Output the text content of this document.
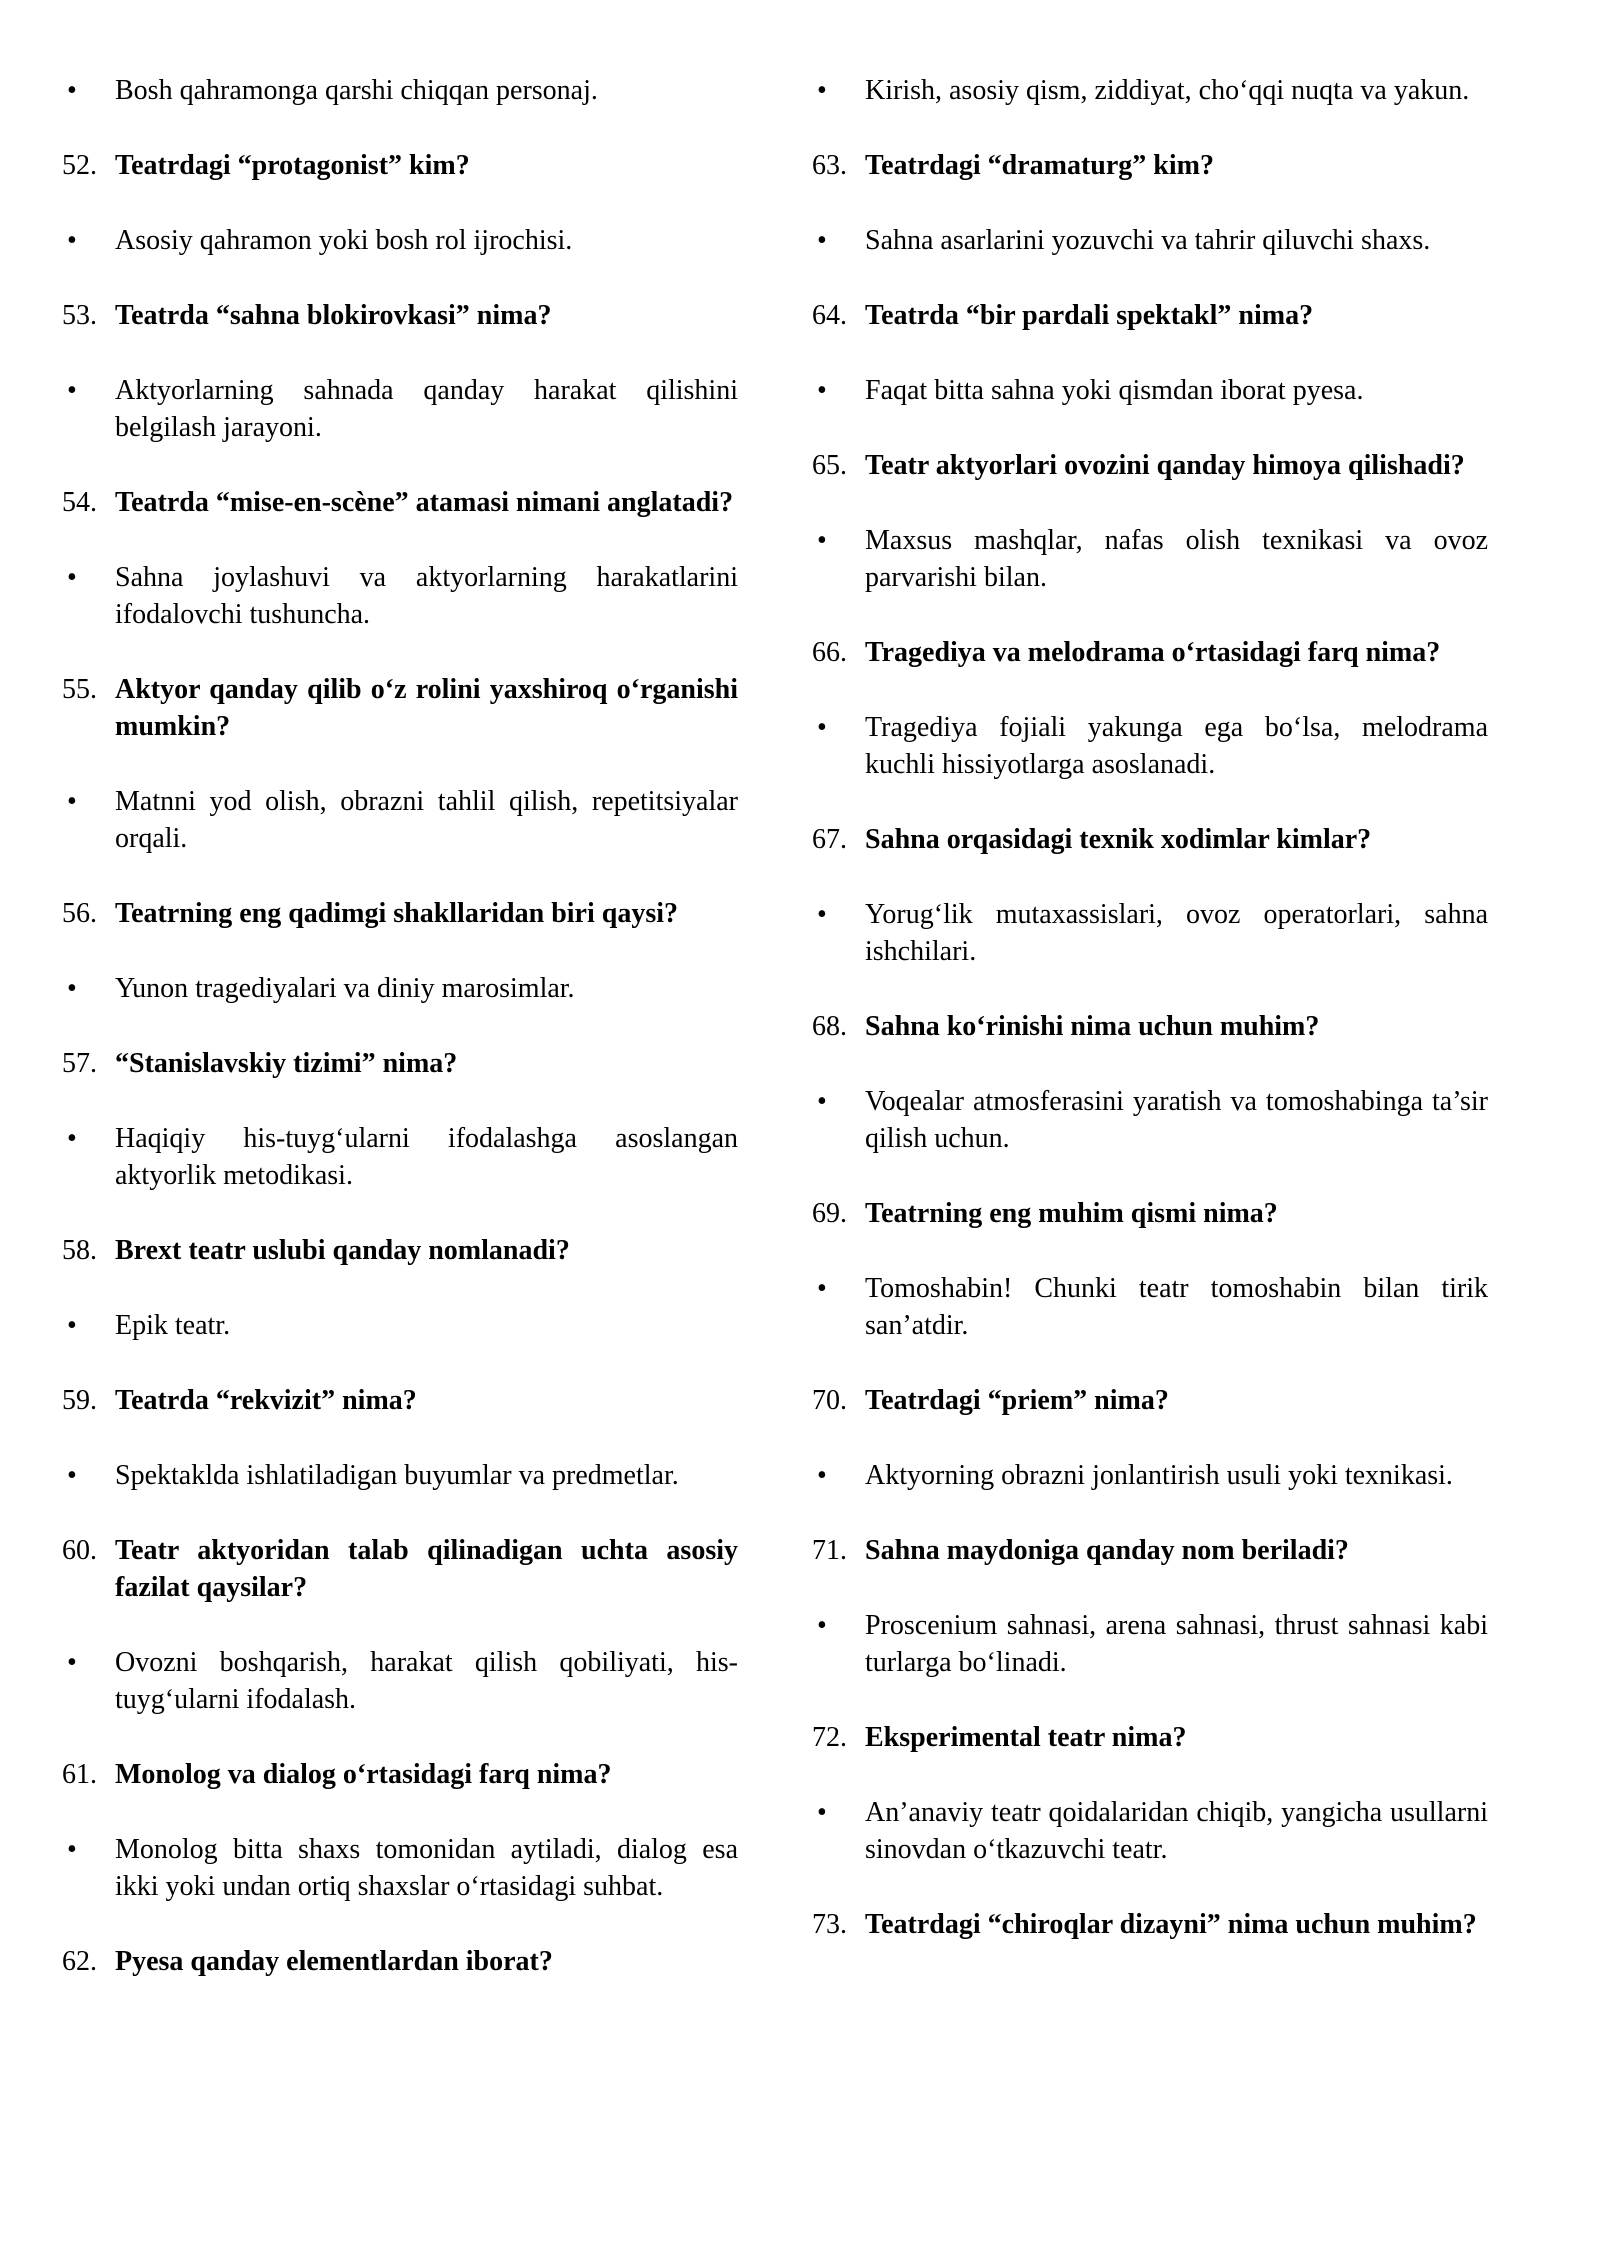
•	Bosh qahramonga qarshi chiqqan personaj.
52. Teatrdagi “protagonist” kim?
•	Asosiy qahramon yoki bosh rol ijrochisi.
53. Teatrda “sahna blokirovkasi” nima?
•	Aktyorlarning sahnada qanday harakat qilishini belgilash jarayoni.
54. Teatrda “mise-en-scène” atamasi nimani anglatadi?
•	Sahna joylashuvi va aktyorlarning harakatlarini ifodalovchi tushuncha.
55. Aktyor qanday qilib o‘z rolini yaxshiroq o‘rganishi mumkin?
•	Matnni yod olish, obrazni tahlil qilish, repetitsiyalar orqali.
56. Teatrning eng qadimgi shakllaridan biri qaysi?
•	Yunon tragediyalari va diniy marosimlar.
57. “Stanislavskiy tizimi” nima?
•	Haqiqiy his-tuyg‘ularni ifodalashga asoslangan aktyorlik metodikasi.
58. Brext teatr uslubi qanday nomlanadi?
•	Epik teatr.
59. Teatrda “rekvizit” nima?
•	Spektaklda ishlatiladigan buyumlar va predmetlar.
60. Teatr aktyoridan talab qilinadigan uchta asosiy fazilat qaysilar?
•	Ovozni boshqarish, harakat qilish qobiliyati, his-tuyg‘ularni ifodalash.
61. Monolog va dialog o‘rtasidagi farq nima?
•	Monolog bitta shaxs tomonidan aytiladi, dialog esa ikki yoki undan ortiq shaxslar o‘rtasidagi suhbat.
62. Pyesa qanday elementlardan iborat?
•	Kirish, asosiy qism, ziddiyat, cho‘qqi nuqta va yakun.
63. Teatrdagi “dramaturg” kim?
•	Sahna asarlarini yozuvchi va tahrir qiluvchi shaxs.
64. Teatrda “bir pardali spektakl” nima?
•	Faqat bitta sahna yoki qismdan iborat pyesa.
65. Teatr aktyorlari ovozini qanday himoya qilishadi?
•	Maxsus mashqlar, nafas olish texnikasi va ovoz parvarishi bilan.
66. Tragediya va melodrama o‘rtasidagi farq nima?
•	Tragediya fojiali yakunga ega bo‘lsa, melodrama kuchli hissiyotlarga asoslanadi.
67. Sahna orqasidagi texnik xodimlar kimlar?
•	Yorug‘lik mutaxassislari, ovoz operatorlari, sahna ishchilari.
68. Sahna ko‘rinishi nima uchun muhim?
•	Voqealar atmosferasini yaratish va tomoshabinga ta’sir qilish uchun.
69. Teatrning eng muhim qismi nima?
•	Tomoshabin! Chunki teatr tomoshabin bilan tirik san’atdir.
70. Teatrdagi “priem” nima?
•	Aktyorning obrazni jonlantirish usuli yoki texnikasi.
71. Sahna maydoniga qanday nom beriladi?
•	Proscenium sahnasi, arena sahnasi, thrust sahnasi kabi turlarga bo‘linadi.
72. Eksperimental teatr nima?
•	An’anaviy teatr qoidalaridan chiqib, yangicha usullarni sinovdan o‘tkazuvchi teatr.
73. Teatrdagi “chiroqlar dizayni” nima uchun muhim?
